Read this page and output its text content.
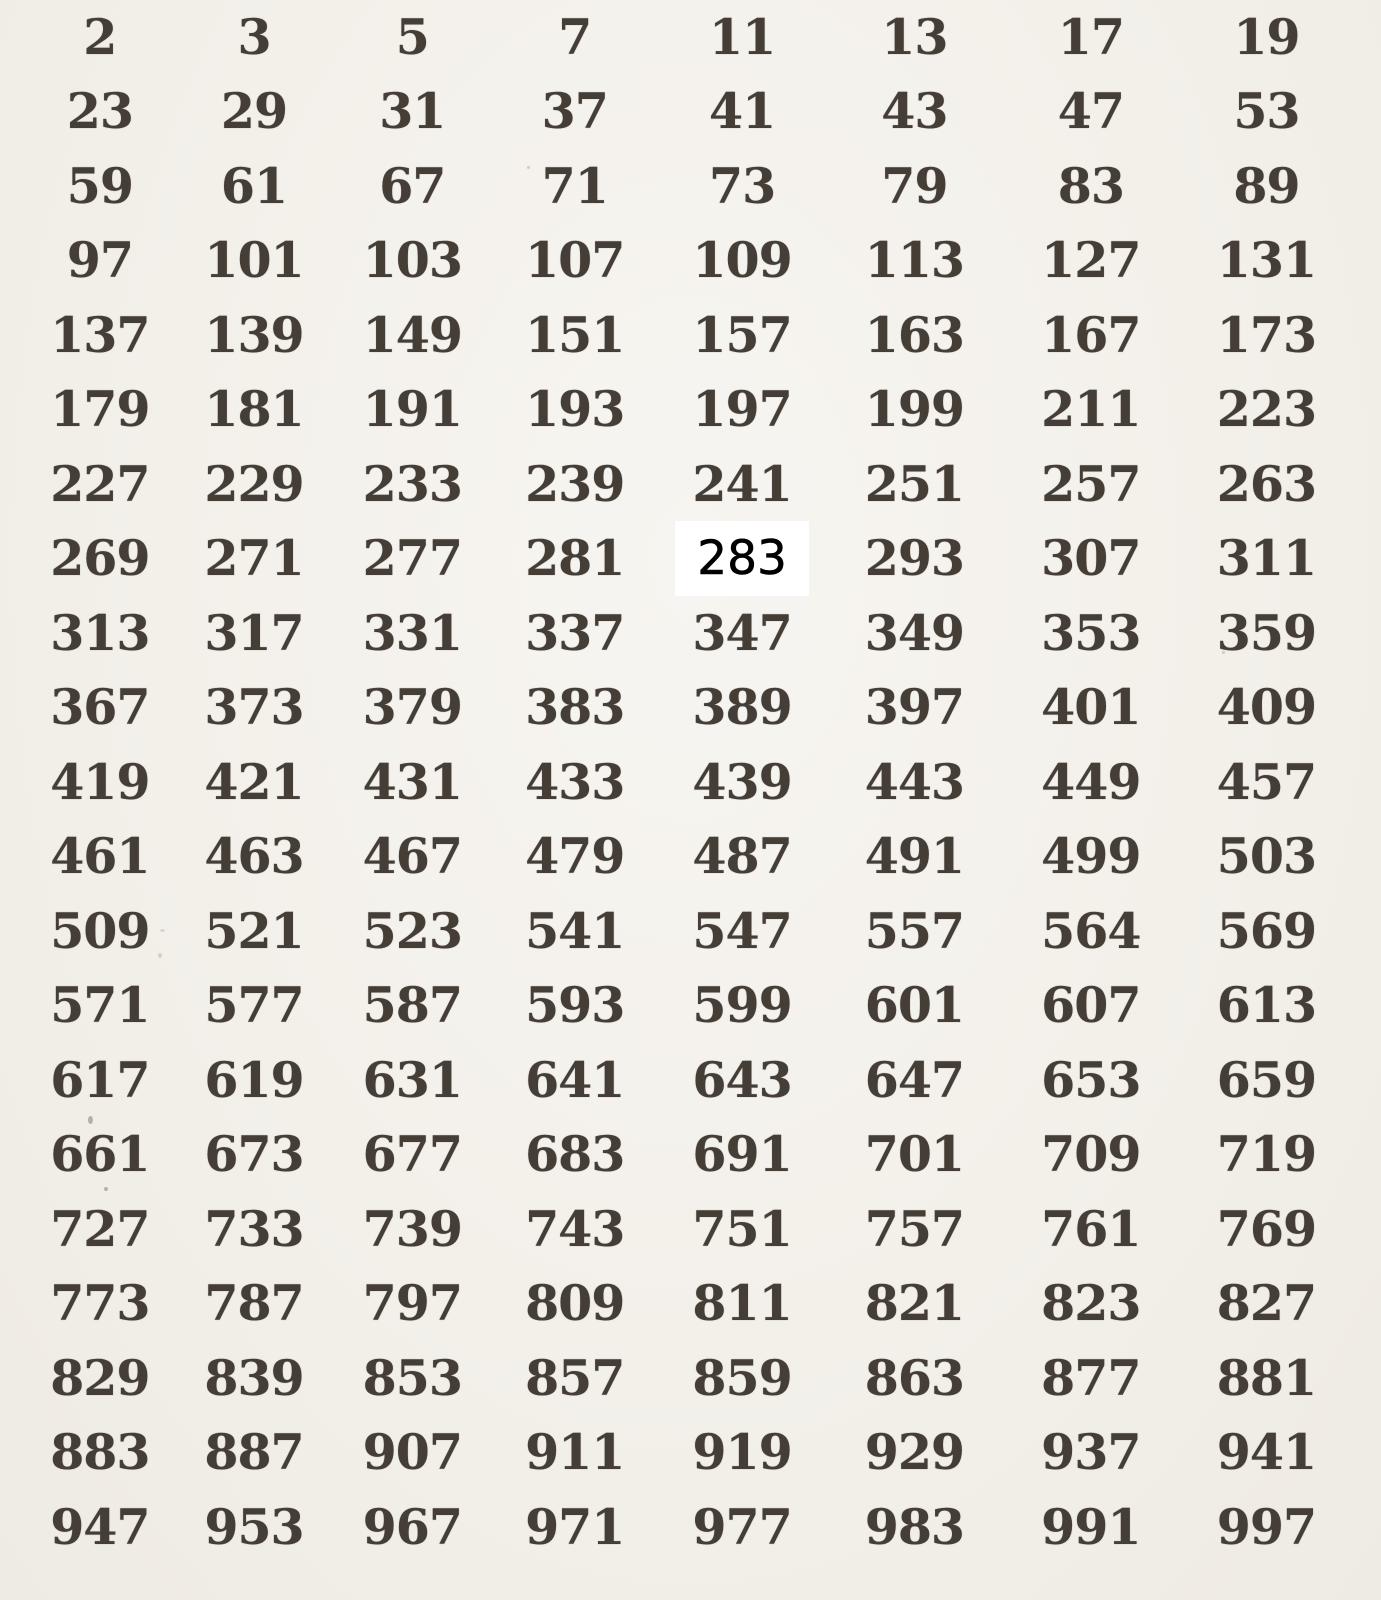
2 3	5	7 11 13 17 19
23 29 31 37 41 43 47 53
59 61 67 71 73 79 83 89
97 101 103 107 109 113 127 131
137 139 149 151 157 163 167 173
179 181 191 193 197 199 211 223
227 229 233 239 241 251 257 263
269 271 277 281	283	293 307 311
313 317 331 337 347 349 353 359
367 373 379 383 389 397 401 409
419 421 431 433 439 443 449 457
461 463 467 479 487 491 499 503
509 521 523 541 547 557 564 569
571 577 587 593 599 601 607 613
617 619 631 641 643 647 653 659
661 673 677 683 691 701 709 719
727 733 739 743 751 757 761 769
773 787 797 809 811 821 823 827
829 839 853 857 859 863 877 881
883 887 907 911 919 929 937 941
947 953 967 971 977 983 991 997
